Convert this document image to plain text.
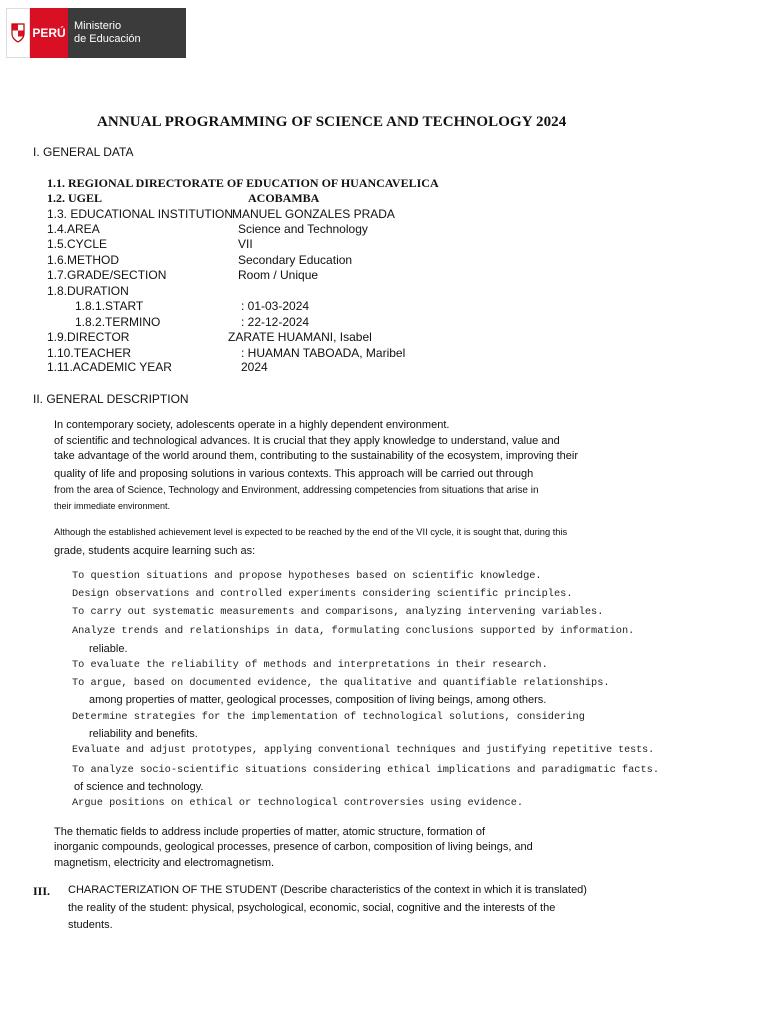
PERÚ Ministerio
de Educación
ANNUAL PROGRAMMING OF SCIENCE AND TECHNOLOGY 2024
I. GENERAL DATA
1.1. REGIONAL DIRECTORATE OF EDUCATION OF HUANCAVELICA
1.2. UGEL	ACOBAMBA
1.3. EDUCATIONAL INSTITUTION
MANUEL GONZALES PRADA
1.4.AREA	Science and Technology
1.5.CYCLE	VII
1.6.METHOD	Secondary Education
1.7.GRADE/SECTION	Room / Unique
1.8.DURATION
1.8.1.START	: 01-03-2024
1.8.2.TERMINO	: 22-12-2024
1.9.DIRECTOR	ZARATE HUAMANI, Isabel
1.10.TEACHER	: HUAMAN TABOADA, Maribel
1.11.ACADEMIC YEAR	2024
II. GENERAL DESCRIPTION
In contemporary society, adolescents operate in a highly dependent environment.
of scientific and technological advances. It is crucial that they apply knowledge to understand, value and
take advantage of the world around them, contributing to the sustainability of the ecosystem, improving their
quality of life and proposing solutions in various contexts. This approach will be carried out through
from the area of Science, Technology and Environment, addressing competencies from situations that arise in
their immediate environment.
Although the established achievement level is expected to be reached by the end of the VII cycle, it is sought that, during this
grade, students acquire learning such as:
To question situations and propose hypotheses based on scientific knowledge.
Design observations and controlled experiments considering scientific principles.
To carry out systematic measurements and comparisons, analyzing intervening variables.
Analyze trends and relationships in data, formulating conclusions supported by information.
reliable.
To evaluate the reliability of methods and interpretations in their research.
To argue, based on documented evidence, the qualitative and quantifiable relationships.
among properties of matter, geological processes, composition of living beings, among others.
Determine strategies for the implementation of technological solutions, considering
reliability and benefits.
Evaluate and adjust prototypes, applying conventional techniques and justifying repetitive tests.
To analyze socio-scientific situations considering ethical implications and paradigmatic facts.
of science and technology.
Argue positions on ethical or technological controversies using evidence.
The thematic fields to address include properties of matter, atomic structure, formation of
inorganic compounds, geological processes, presence of carbon, composition of living beings, and
magnetism, electricity and electromagnetism.
III. CHARACTERIZATION OF THE STUDENT (Describe characteristics of the context in which it is translated)
the reality of the student: physical, psychological, economic, social, cognitive and the interests of the
students.
